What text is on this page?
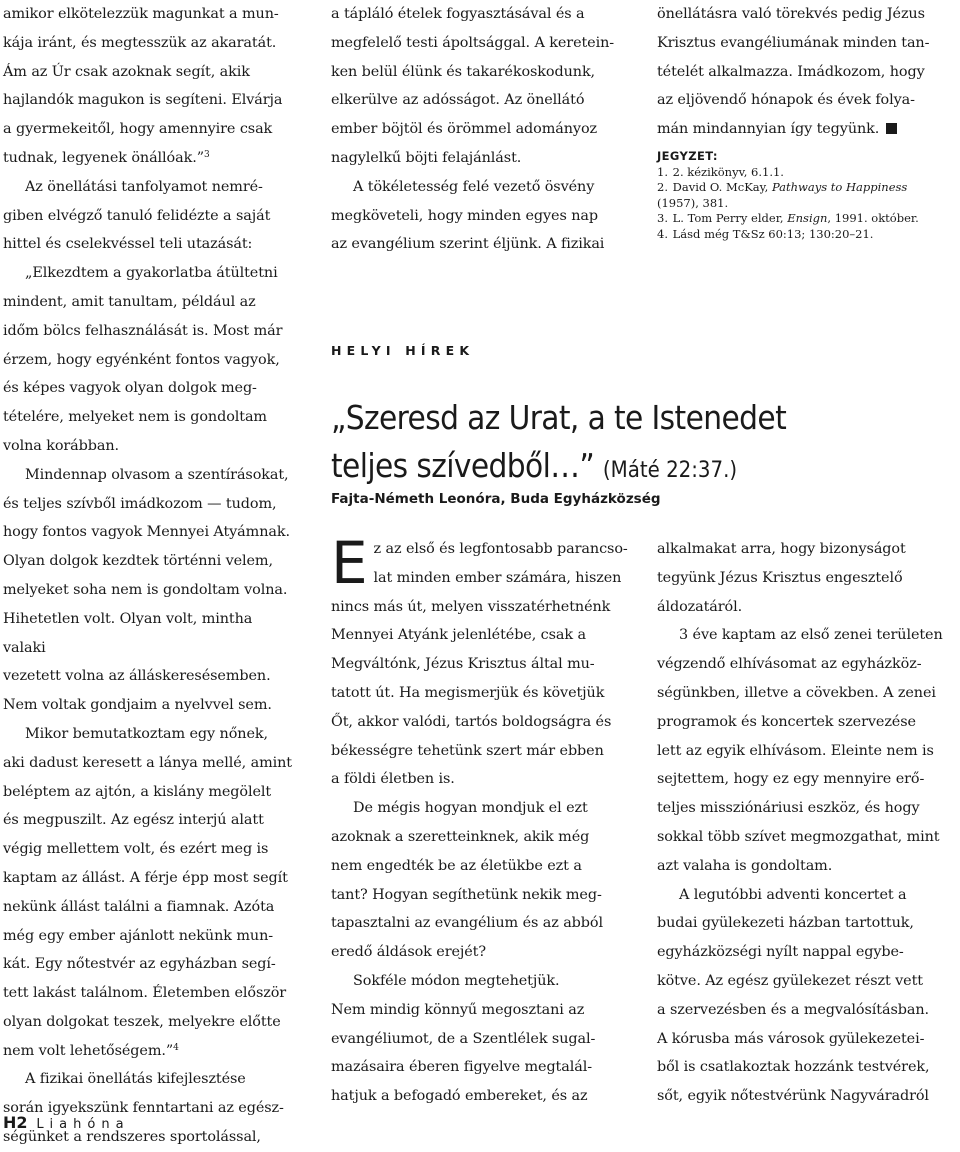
amikor elkötelezzük magunkat a mun-
kája iránt, és megtesszük az akaratát.
Ám az Úr csak azoknak segít, akik
hajlandók magukon is segíteni. Elvárja
a gyermekeitől, hogy amennyire csak
tudnak, legyenek önállóak.”$^3$

Az önellátási tanfolyamot nemré-
giben elvégző tanuló felidézte a saját
hittel és cselekvéssel teli utazását:

„Elkezdtem a gyakorlatba átültetni
mindent, amit tanultam, például az
időm bölcs felhasználását is. Most már
érzem, hogy egyénként fontos vagyok,
és képes vagyok olyan dolgok meg-
tételére, melyeket nem is gondoltam
volna korábban.

Mindennap olvasom a szentírásokat,
és teljes szívből imádkozom — tudom,
hogy fontos vagyok Mennyei Atyámnak.
Olyan dolgok kezdtek történni velem,
melyeket soha nem is gondoltam volna.
Hihetetlen volt. Olyan volt, mintha valaki
vezetett volna az álláskeresésemben.
Nem voltak gondjaim a nyelvvel sem.

Mikor bemutatkoztam egy nőnek,
aki dadust keresett a lánya mellé, amint
beléptem az ajtón, a kislány megölelt
és megpuszilt. Az egész interjú alatt
végig mellettem volt, és ezért meg is
kaptam az állást. A férje épp most segít
nekünk állást találni a fiamnak. Azóta
még egy ember ajánlott nekünk mun-
kát. Egy nőtestvér az egyházban segí-
tett lakást találnom. Életemben először
olyan dolgokat teszek, melyekre előtte
nem volt lehetőségem.”$^4$

A fizikai önellátás kifejlesztése
során igyekszünk fenntartani az egész-
ségünket a rendszeres sportolással,

a tápláló ételek fogyasztásával és a
megfelelő testi ápoltsággal. A keretein-
ken belül élünk és takarékoskodunk,
elkerülve az adósságot. Az önellátó
ember böjtöl és örömmel adományoz
nagylelkű böjti felajánlást.

A tökéletesség felé vezető ösvény
megköveteli, hogy minden egyes nap
az evangélium szerint éljünk. A fizikai

önellátásra való törekvés pedig Jézus
Krisztus evangéliumának minden tan-
tételét alkalmazza. Imádkozom, hogy
az eljövendő hónapok és évek folya-
mán mindannyian így tegyünk.

JEGYZET:
1. 2. kézikönyv, 6.1.1.
2. David O. McKay, Pathways to Happiness
(1957), 381.
3. L. Tom Perry elder, Ensign, 1991. október.
4. Lásd még T&Sz 60:13; 130:20–21.
HELYI HÍREK
„Szeresd az Urat, a te Istenedet
teljes szívedből…” (Máté 22:37.)
Fajta-Németh Leonóra, Buda Egyházközség

Ez az első és legfontosabb parancso-
lat minden ember számára, hiszen
nincs más út, melyen visszatérhetnénk
Mennyei Atyánk jelenlétébe, csak a
Megváltónk, Jézus Krisztus által mu-
tatott út. Ha megismerjük és követjük
Őt, akkor valódi, tartós boldogságra és
békességre tehetünk szert már ebben
a földi életben is.

De mégis hogyan mondjuk el ezt
azoknak a szeretteinknek, akik még
nem engedték be az életükbe ezt a
tant? Hogyan segíthetünk nekik meg-
tapasztalni az evangélium és az abból
eredő áldások erejét?

Sokféle módon megtehetjük.

Nem mindig könnyű megosztani az
evangéliumot, de a Szentlélek sugal-
mazásaira éberen figyelve megtalál-
hatjuk a befogadó embereket, és az

alkalmakat arra, hogy bizonyságot
tegyünk Jézus Krisztus engesztelő
áldozatáról.

3 éve kaptam az első zenei területen
végzendő elhívásomat az egyházköz-
ségünkben, illetve a cövekben. A zenei
programok és koncertek szervezése
lett az egyik elhívásom. Eleinte nem is
sejtettem, hogy ez egy mennyire erő-
teljes missziónáriusi eszköz, és hogy
sokkal több szívet megmozgathat, mint
azt valaha is gondoltam.

A legutóbbi adventi koncertet a
budai gyülekezeti házban tartottuk,
egyházközségi nyílt nappal egybe-
kötve. Az egész gyülekezet részt vett
a szervezésben és a megvalósításban.
A kórusba más városok gyülekezetei-
ből is csatlakoztak hozzánk testvérek,
sőt, egyik nőtestvérünk Nagyváradról

H2 Liahóna
